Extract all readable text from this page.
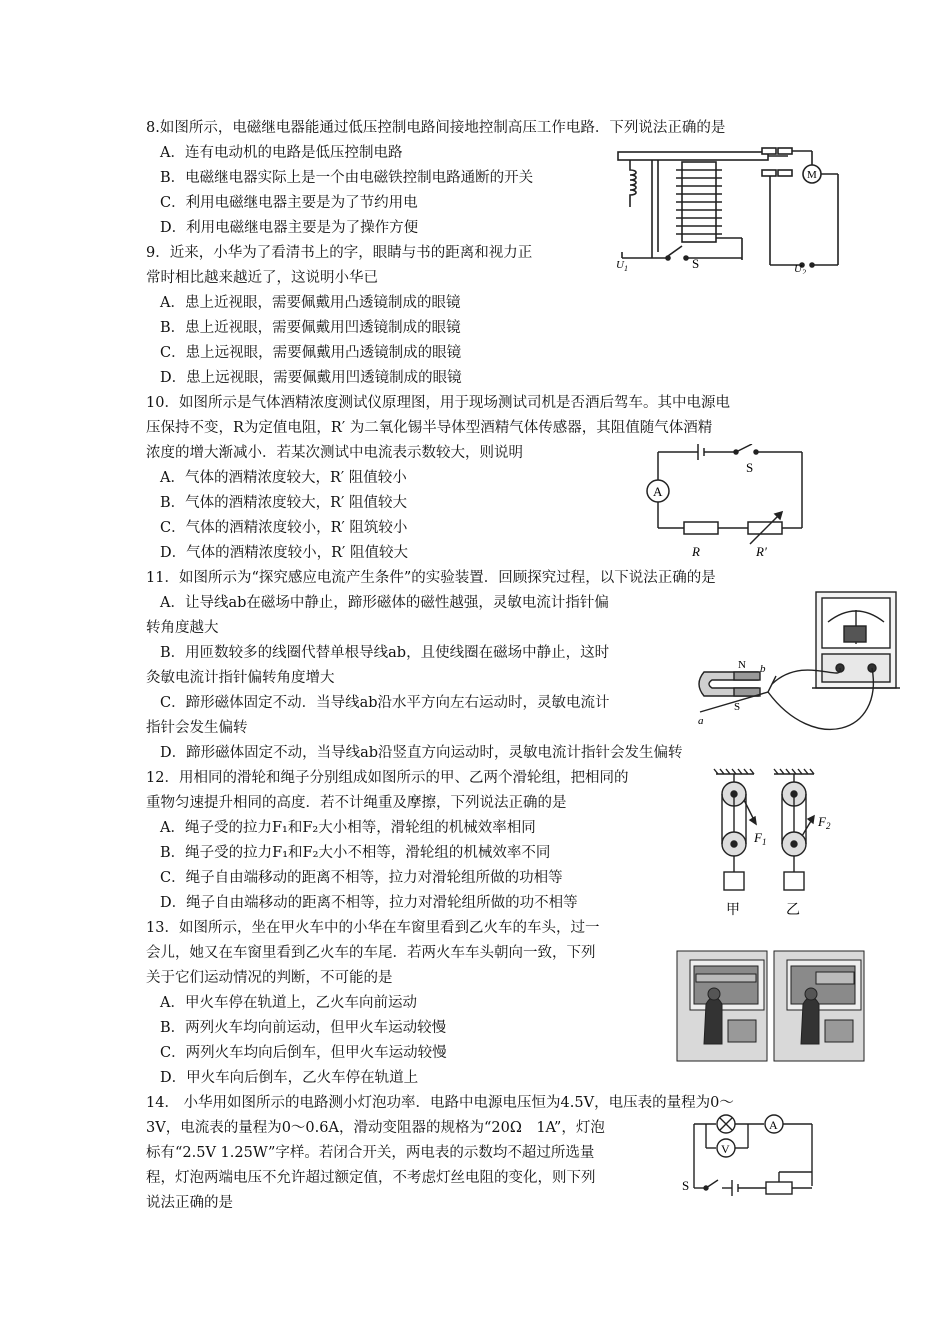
8.如图所示，电磁继电器能通过低压控制电路间接地控制高压工作电路．下列说法正确的是
A．连有电动机的电路是低压控制电路
B．电磁继电器实际上是一个由电磁铁控制电路通断的开关
C．利用电磁继电器主要是为了节约用电
D．利用电磁继电器主要是为了操作方便
M
$U_1$	S	$U_2$
9．近来，小华为了看清书上的字，眼睛与书的距离和视力正
常时相比越来越近了，这说明小华已
A．患上近视眼，需要佩戴用凸透镜制成的眼镜
B．患上近视眼，需要佩戴用凹透镜制成的眼镜
C．患上远视眼，需要佩戴用凸透镜制成的眼镜
D．患上远视眼，需要佩戴用凹透镜制成的眼镜
10．如图所示是气体酒精浓度测试仪原理图，用于现场测试司机是否酒后驾车。其中电源电
压保持不变，R为定值电阻，R′ 为二氧化锡半导体型酒精气体传感器，其阻值随气体酒精
浓度的增大渐减小．若某次测试中电流表示数较大，则说明
A．气体的酒精浓度较大，R′ 阻值较小
B．气体的酒精浓度较大，R′ 阻值较大
C．气体的酒精浓度较小，R′ 阻筑较小
D．气体的酒精浓度较小，R′ 阻值较大
A
S
R	R′
11．如图所示为“探究感应电流产生条件”的实验装置．回顾探究过程，以下说法正确的是
A．让导线ab在磁场中静止，蹄形磁体的磁性越强，灵敏电流计指针偏
转角度越大
B．用匝数较多的线圈代替单根导线ab，且使线圈在磁场中静止，这时
灸敏电流计指针偏转角度增大
C．蹄形磁体固定不动．当导线ab沿水平方向左右运动时，灵敏电流计
指针会发生偏转
D．蹄形磁体固定不动，当导线ab沿竖直方向运动时，灵敏电流计指针会发生偏转
N b
a
S
12．用相同的滑轮和绳子分别组成如图所示的甲、乙两个滑轮组，把相同的
重物匀速提升相同的高度．若不计绳重及摩擦，下列说法正确的是
A．绳子受的拉力F₁和F₂大小相等，滑轮组的机械效率相同
B．绳子受的拉力F₁和F₂大小不相等，滑轮组的机械效率不同
C．绳子自由端移动的距离不相等，拉力对滑轮组所做的功相等
D．绳子自由端移动的距离不相等，拉力对滑轮组所做的功不相等
$F_1$
$F_2$
甲	乙
13．如图所示，坐在甲火车中的小华在车窗里看到乙火车的车头，过一
会儿，她又在车窗里看到乙火车的车尾．若两火车车头朝向一致，下列
关于它们运动情况的判断，不可能的是
A．甲火车停在轨道上，乙火车向前运动
B．两列火车均向前运动，但甲火车运动较慢
C．两列火车均向后倒车，但甲火车运动较慢
D．甲火车向后倒车，乙火车停在轨道上
14． 小华用如图所示的电路测小灯泡功率．电路中电源电压恒为4.5V，电压表的量程为0～
3V，电流表的量程为0～0.6A，滑动变阻器的规格为“20Ω　1A”，灯泡
标有“2.5V 1.25W”字样。若闭合开关，两电表的示数均不超过所选量
程，灯泡两端电压不允许超过额定值，不考虑灯丝电阻的变化，则下列
说法正确的是
A
V
S
